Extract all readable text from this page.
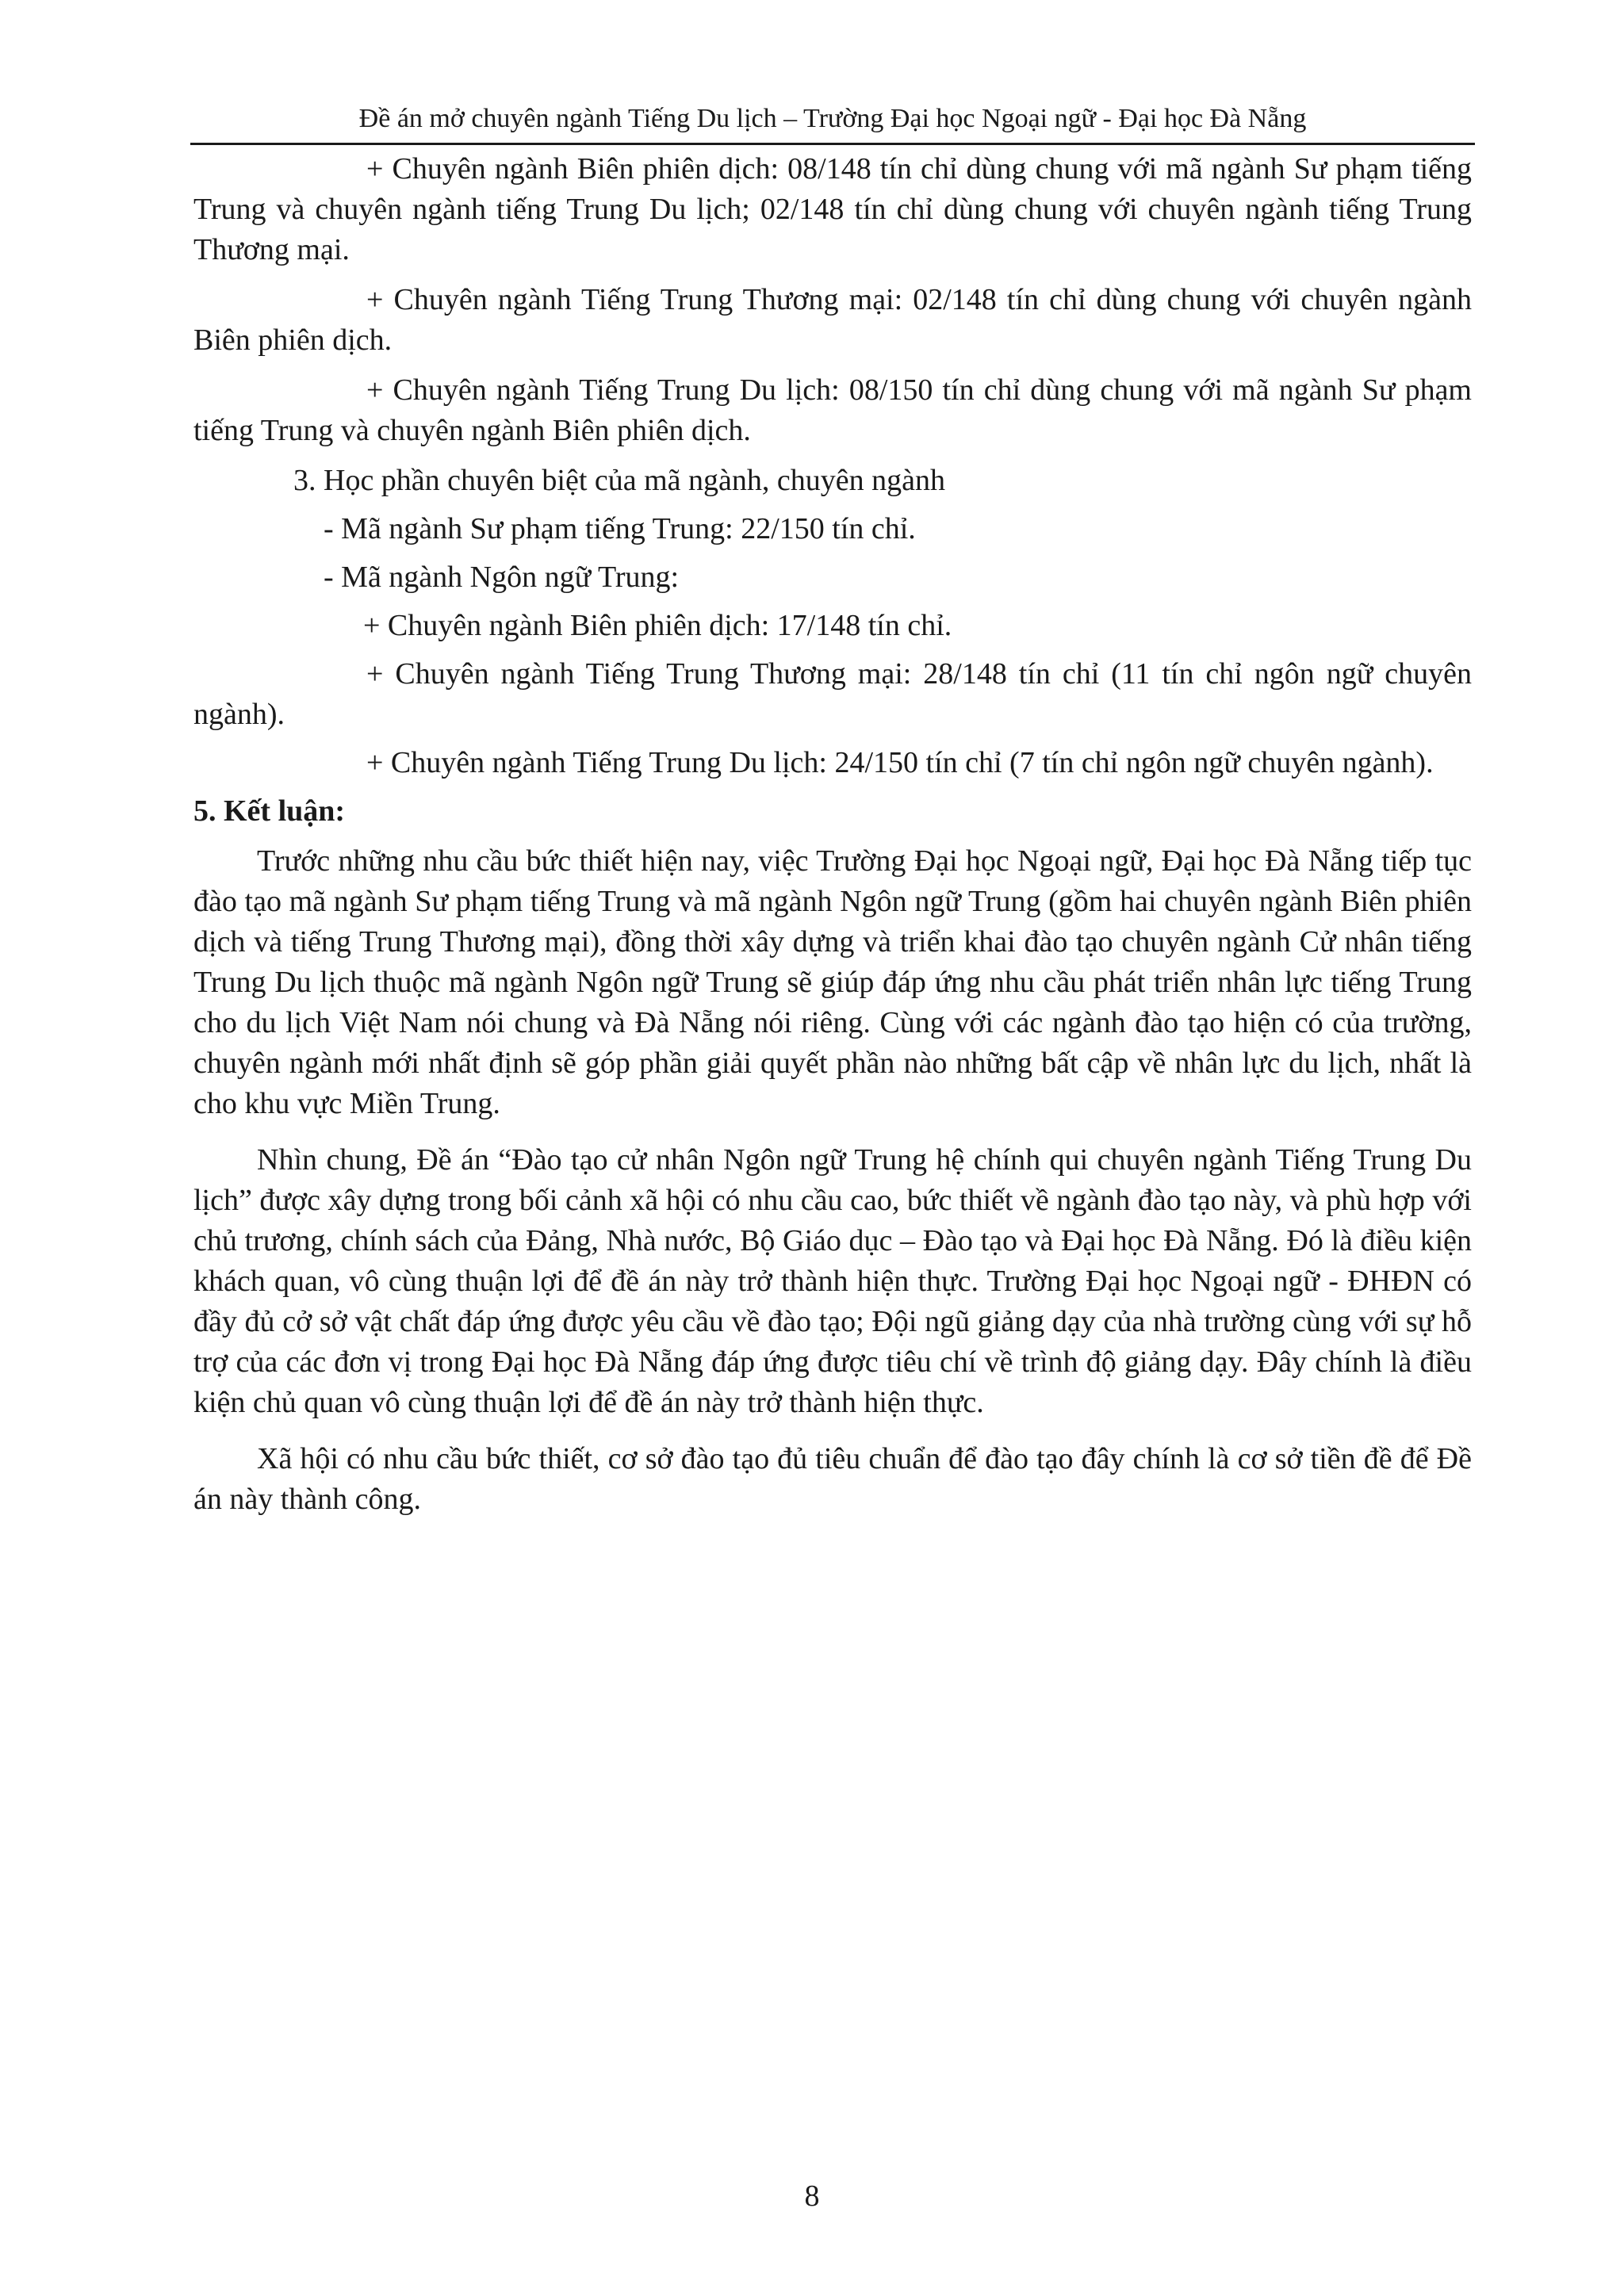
Đề án mở chuyên ngành Tiếng Du lịch – Trường Đại học Ngoại ngữ - Đại học Đà Nẵng

+ Chuyên ngành Biên phiên dịch: 08/148 tín chỉ dùng chung với mã ngành Sư phạm tiếng Trung và chuyên ngành tiếng Trung Du lịch; 02/148 tín chỉ dùng chung với chuyên ngành tiếng Trung Thương mại.

+ Chuyên ngành Tiếng Trung Thương mại: 02/148 tín chỉ dùng chung với chuyên ngành Biên phiên dịch.

+ Chuyên ngành Tiếng Trung Du lịch: 08/150 tín chỉ dùng chung với mã ngành Sư phạm tiếng Trung và chuyên ngành Biên phiên dịch.

3. Học phần chuyên biệt của mã ngành, chuyên ngành

- Mã ngành Sư phạm tiếng Trung: 22/150 tín chỉ.

- Mã ngành Ngôn ngữ Trung:

+ Chuyên ngành Biên phiên dịch: 17/148 tín chỉ.

+ Chuyên ngành Tiếng Trung Thương mại: 28/148 tín chỉ (11 tín chỉ ngôn ngữ chuyên ngành).

+ Chuyên ngành Tiếng Trung Du lịch: 24/150 tín chỉ (7 tín chỉ ngôn ngữ chuyên ngành).

5. Kết luận:

Trước những nhu cầu bức thiết hiện nay, việc Trường Đại học Ngoại ngữ, Đại học Đà Nẵng tiếp tục đào tạo mã ngành Sư phạm tiếng Trung và mã ngành Ngôn ngữ Trung (gồm hai chuyên ngành Biên phiên dịch và tiếng Trung Thương mại), đồng thời xây dựng và triển khai đào tạo chuyên ngành Cử nhân tiếng Trung Du lịch thuộc mã ngành Ngôn ngữ Trung sẽ giúp đáp ứng nhu cầu phát triển nhân lực tiếng Trung cho du lịch Việt Nam nói chung và Đà Nẵng nói riêng. Cùng với các ngành đào tạo hiện có của trường, chuyên ngành mới nhất định sẽ góp phần giải quyết phần nào những bất cập về nhân lực du lịch, nhất là cho khu vực Miền Trung.

Nhìn chung, Đề án “Đào tạo cử nhân Ngôn ngữ Trung hệ chính qui chuyên ngành Tiếng Trung Du lịch” được xây dựng trong bối cảnh xã hội có nhu cầu cao, bức thiết về ngành đào tạo này, và phù hợp với chủ trương, chính sách của Đảng, Nhà nước, Bộ Giáo dục – Đào tạo và Đại học Đà Nẵng. Đó là điều kiện khách quan, vô cùng thuận lợi để đề án này trở thành hiện thực. Trường Đại học Ngoại ngữ - ĐHĐN có đầy đủ cở sở vật chất đáp ứng được yêu cầu về đào tạo; Đội ngũ giảng dạy của nhà trường cùng với sự hỗ trợ của các đơn vị trong Đại học Đà Nẵng đáp ứng được tiêu chí về trình độ giảng dạy. Đây chính là điều kiện chủ quan vô cùng thuận lợi để đề án này trở thành hiện thực.

Xã hội có nhu cầu bức thiết, cơ sở đào tạo đủ tiêu chuẩn để đào tạo đây chính là cơ sở tiền đề để Đề án này thành công.

8
